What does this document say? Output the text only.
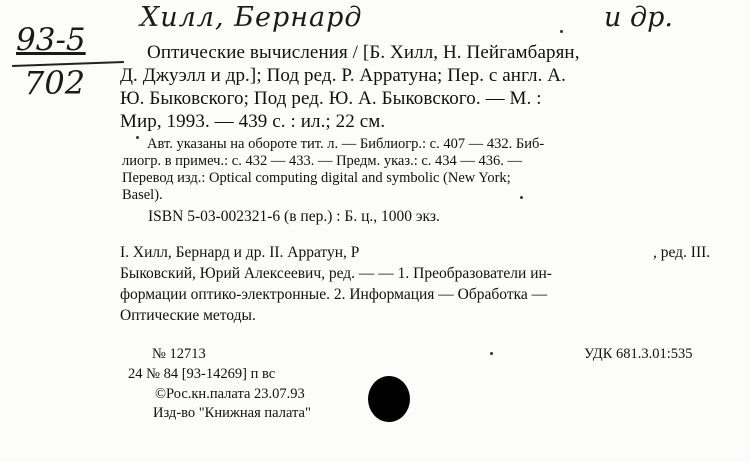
Хилл, Бернард	и др.
93-5
702
Оптические вычисления / [Б. Хилл, Н. Пейгамбарян,
Д. Джуэлл и др.]; Под ред. Р. Арратуна; Пер. с англ. А.
Ю. Быковского; Под ред. Ю. А. Быковского. — М. :
Мир, 1993. — 439 с. : ил.; 22 см.
Авт. указаны на обороте тит. л. — Библиогр.: с. 407 — 432. Биб-
лиогр. в примеч.: с. 432 — 433. — Предм. указ.: с. 434 — 436. —
Перевод изд.: Optical computing digital and symbolic (New York;
Basel).
ISBN 5-03-002321-6 (в пер.) : Б. ц., 1000 экз.
I. Хилл, Бернард и др. II. Арратун, Р	, ред. III.
Быковский, Юрий Алексеевич, ред. — — 1. Преобразователи ин-
формации оптико-электронные. 2. Информация — Обработка —
Оптические методы.
№ 12713	УДК 681.3.01:535
24 № 84 [93-14269] п вс
©Рос.кн.палата 23.07.93
Изд-во "Книжная палата"
